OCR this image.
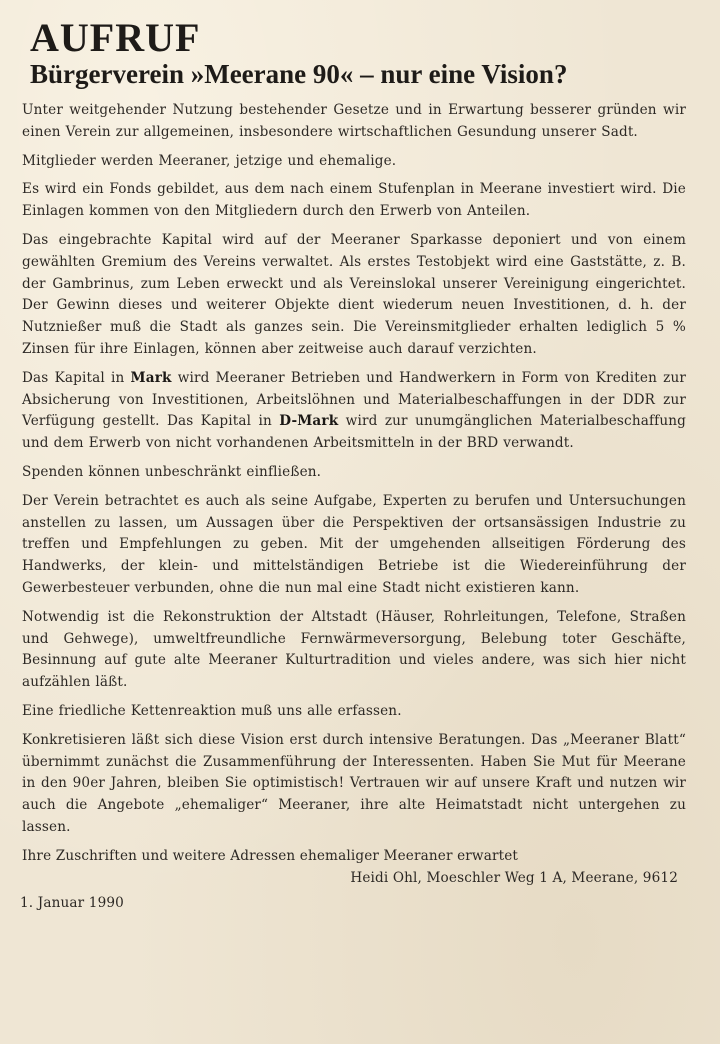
AUFRUF
Bürgerverein »Meerane 90« – nur eine Vision?

Unter weitgehender Nutzung bestehender Gesetze und in Erwartung besserer gründen wir einen Verein zur allgemeinen, insbesondere wirtschaftlichen Gesundung unserer Sadt.

Mitglieder werden Meeraner, jetzige und ehemalige.

Es wird ein Fonds gebildet, aus dem nach einem Stufenplan in Meerane investiert wird. Die Einlagen kommen von den Mitgliedern durch den Erwerb von Anteilen.

Das eingebrachte Kapital wird auf der Meeraner Sparkasse deponiert und von einem gewählten Gremium des Vereins verwaltet. Als erstes Testobjekt wird eine Gaststätte, z. B. der Gambrinus, zum Leben erweckt und als Vereinslokal unserer Vereinigung eingerichtet. Der Gewinn dieses und weiterer Objekte dient wiederum neuen Investitionen, d. h. der Nutznießer muß die Stadt als ganzes sein. Die Vereinsmitglieder erhalten lediglich 5 % Zinsen für ihre Einlagen, können aber zeitweise auch darauf verzichten.

Das Kapital in Mark wird Meeraner Betrieben und Handwerkern in Form von Krediten zur Absicherung von Investitionen, Arbeitslöhnen und Materialbeschaffungen in der DDR zur Verfügung gestellt. Das Kapital in D-Mark wird zur unumgänglichen Materialbeschaffung und dem Erwerb von nicht vorhandenen Arbeitsmitteln in der BRD verwandt.

Spenden können unbeschränkt einfließen.

Der Verein betrachtet es auch als seine Aufgabe, Experten zu berufen und Untersuchungen anstellen zu lassen, um Aussagen über die Perspektiven der ortsansässigen Industrie zu treffen und Empfehlungen zu geben. Mit der umgehenden allseitigen Förderung des Handwerks, der klein- und mittelständigen Betriebe ist die Wiedereinführung der Gewerbesteuer verbunden, ohne die nun mal eine Stadt nicht existieren kann.

Notwendig ist die Rekonstruktion der Altstadt (Häuser, Rohrleitungen, Telefone, Straßen und Gehwege), umweltfreundliche Fernwärmeversorgung, Belebung toter Geschäfte, Besinnung auf gute alte Meeraner Kulturtradition und vieles andere, was sich hier nicht aufzählen läßt.

Eine friedliche Kettenreaktion muß uns alle erfassen.

Konkretisieren läßt sich diese Vision erst durch intensive Beratungen. Das „Meeraner Blatt“ übernimmt zunächst die Zusammenführung der Interessenten. Haben Sie Mut für Meerane in den 90er Jahren, bleiben Sie optimistisch! Vertrauen wir auf unsere Kraft und nutzen wir auch die Angebote „ehemaliger“ Meeraner, ihre alte Heimatstadt nicht untergehen zu lassen.

Ihre Zuschriften und weitere Adressen ehemaliger Meeraner erwartet
Heidi Ohl, Moeschler Weg 1 A, Meerane, 9612
1. Januar 1990
